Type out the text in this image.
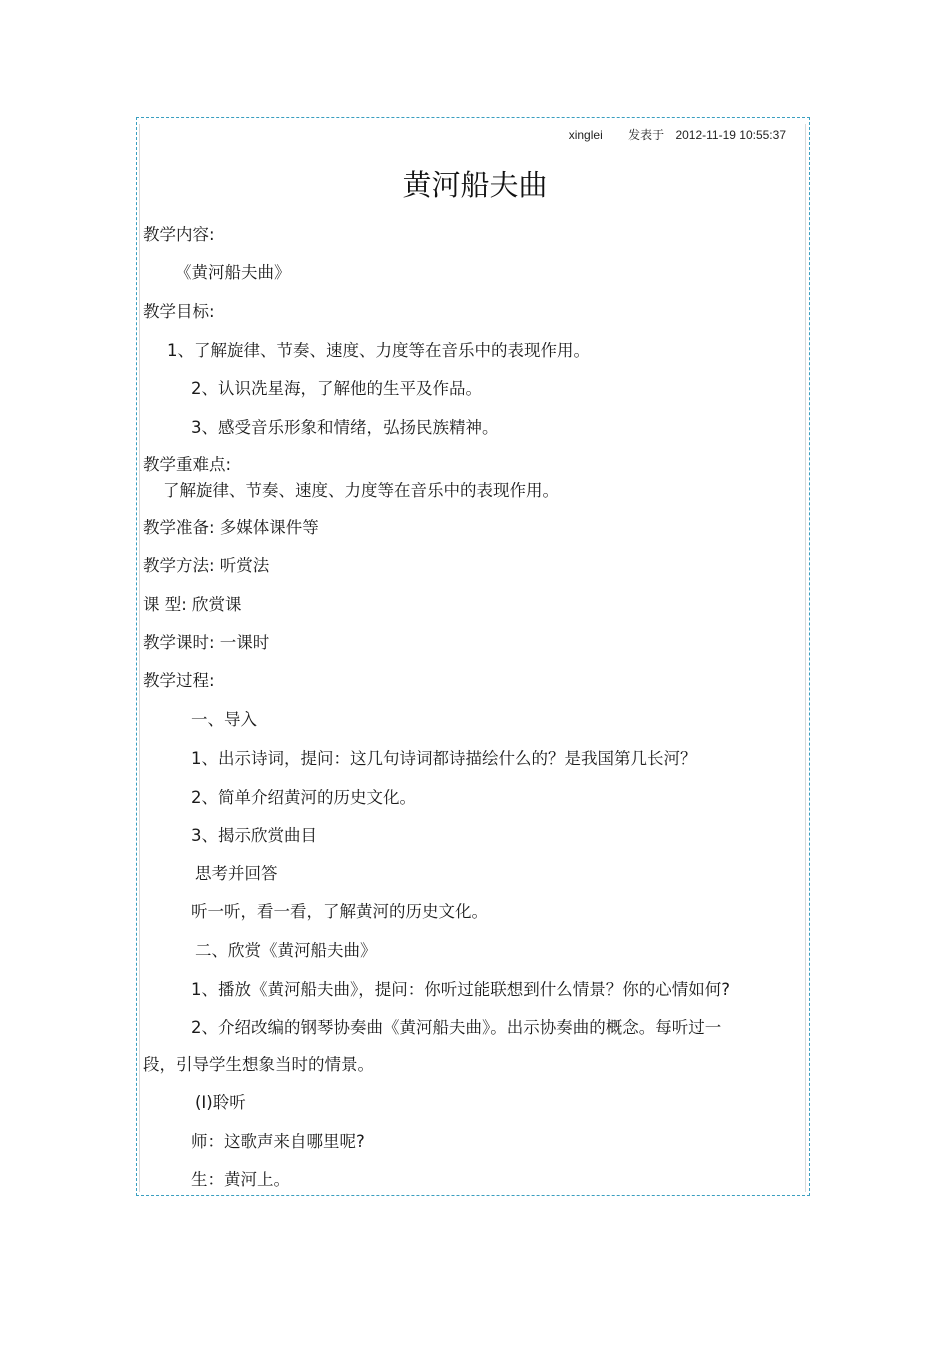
xinglei 发表于 2012-11-19 10:55:37
黄河船夫曲
教学内容:
《黄河船夫曲》
教学目标:
1、了解旋律、节奏、速度、力度等在音乐中的表现作用。
2、认识冼星海，了解他的生平及作品。
3、感受音乐形象和情绪，弘扬民族精神。
教学重难点:
了解旋律、节奏、速度、力度等在音乐中的表现作用。
教学准备: 多媒体课件等
教学方法: 听赏法
课 型: 欣赏课
教学课时: 一课时
教学过程:
一、导入
1、出示诗词，提问：这几句诗词都诗描绘什么的？是我国第几长河？
2、简单介绍黄河的历史文化。
3、揭示欣赏曲目
思考并回答
听一听，看一看，了解黄河的历史文化。
二、欣赏《黄河船夫曲》
1、播放《黄河船夫曲》，提问：你听过能联想到什么情景？你的心情如何?
2、介绍改编的钢琴协奏曲《黄河船夫曲》。出示协奏曲的概念。每听过一
段，引导学生想象当时的情景。
(I)聆听
师：这歌声来自哪里呢?
生：黄河上。
